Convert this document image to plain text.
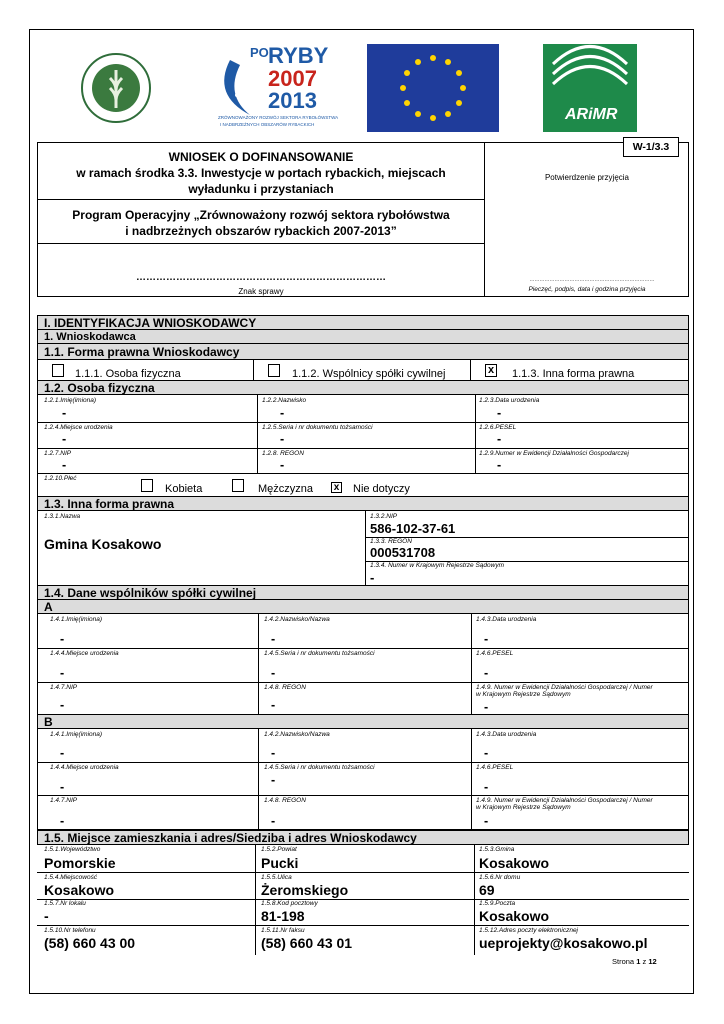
PO RYBY
2007
2013
ZRÓWNOWAŻONY ROZWÓJ SEKTORA RYBOŁÓWSTWA
I NADBRZEŻNYCH OBSZARÓW RYBACKICH
ARiMR
WNIOSEK O DOFINANSOWANIE
w ramach środka 3.3. Inwestycje w portach rybackich, miejscach
wyładunku i przystaniach
Program Operacyjny „Zrównoważony rozwój sektora rybołówstwa
i nadbrzeżnych obszarów rybackich 2007-2013”
…………………………………………………………………
Znak sprawy
W-1/3.3
Potwierdzenie przyjęcia
…………………………………………………………………
Pieczęć, podpis, data i godzina przyjęcia
I. IDENTYFIKACJA WNIOSKODAWCY
1. Wnioskodawca
1.1. Forma prawna Wnioskodawcy
1.1.1. Osoba fizyczna	1.1.2. Wspólnicy spółki cywilnej	x 1.1.3. Inna forma prawna
1.2. Osoba fizyczna
1.2.1.Imię(imiona)
-
1.2.2.Nazwisko
-
1.2.3.Data urodzenia
-
1.2.4.Miejsce urodzenia
-
1.2.5.Seria i nr dokumentu tożsamości
-
1.2.6.PESEL
-
1.2.7.NIP
-
1.2.8. REGON
-
1.2.9.Numer w Ewidencji Działalności Gospodarczej
-
1.2.10.Płeć
Kobieta	Mężczyzna x Nie dotyczy
1.3. Inna forma prawna
1.3.1.Nazwa
Gmina Kosakowo
1.3.2.NIP
586-102-37-61
1.3.3. REGON
000531708
1.3.4. Numer w Krajowym Rejestrze Sądowym
-
1.4. Dane wspólników spółki cywilnej
A
1.4.1.Imię(imiona)
-
1.4.2.Nazwisko/Nazwa
-
1.4.3.Data urodzenia
-
1.4.4.Miejsce urodzenia
-
1.4.5.Seria i nr dokumentu tożsamości
-
1.4.6.PESEL
-
1.4.7.NIP
-
1.4.8. REGON
-
1.4.9. Numer w Ewidencji Działalności Gospodarczej / Numer
w Krajowym Rejestrze Sądowym
-
B
1.4.1.Imię(imiona)
-
1.4.2.Nazwisko/Nazwa
-
1.4.3.Data urodzenia
-
1.4.4.Miejsce urodzenia
-
1.4.5.Seria i nr dokumentu tożsamości
-
1.4.6.PESEL
-
1.4.7.NIP
-
1.4.8. REGON
-
1.4.9. Numer w Ewidencji Działalności Gospodarczej / Numer
w Krajowym Rejestrze Sądowym
-
1.5. Miejsce zamieszkania i adres/Siedziba i adres Wnioskodawcy
1.5.1.Województwo
Pomorskie
1.5.2.Powiat
Pucki
1.5.3.Gmina
Kosakowo
1.5.4.Miejscowość
Kosakowo
1.5.5.Ulica
Żeromskiego
1.5.6.Nr domu
69
1.5.7.Nr lokalu
-
1.5.8.Kod pocztowy
81-198
1.5.9.Poczta
Kosakowo
1.5.10.Nr telefonu
(58) 660 43 00
1.5.11.Nr faksu
(58) 660 43 01
1.5.12.Adres poczty elektronicznej
ueprojekty@kosakowo.pl
Strona 1 z 12
